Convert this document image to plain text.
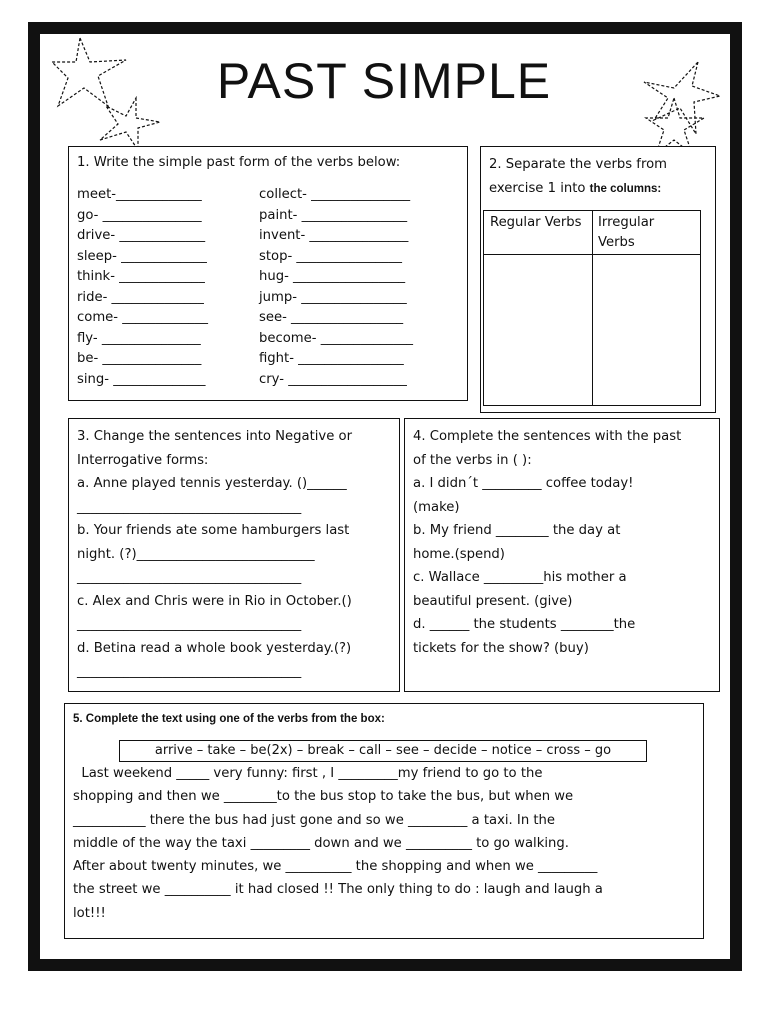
PAST SIMPLE

1. Write the simple past form of the verbs below:

meet-_____________
go- _______________
drive- _____________
sleep- _____________
think- _____________
ride- ______________
come- _____________
fly- _______________
be- _______________
sing- ______________
collect- _______________
paint- ________________
invent- _______________
stop- ________________
hug- _________________
jump- ________________
see- _________________
become- ______________
fight- ________________
cry- __________________

2. Separate the verbs from exercise 1 into the columns:

Regular Verbs	Irregular Verbs
3. Change the sentences into Negative or
Interrogative forms:
a. Anne played tennis yesterday. ()______
__________________________________
b. Your friends ate some hamburgers last
night. (?)___________________________
__________________________________
c. Alex and Chris were in Rio in October.()
__________________________________
d. Betina read a whole book yesterday.(?)
__________________________________
4. Complete the sentences with the past
of the verbs in ( ):
a. I didn´t _________ coffee today!
(make)
b. My friend ________ the day at
home.(spend)
c. Wallace _________his mother a
beautiful present. (give)
d. ______ the students ________the
tickets for the show? (buy)

5. Complete the text using one of the verbs from the box:

arrive – take – be(2x) – break – call – see – decide – notice – cross – go
Last weekend _____ very funny: first , I _________my friend to go to the
shopping and then we ________to the bus stop to take the bus, but when we
___________ there the bus had just gone and so we _________ a taxi. In the
middle of the way the taxi _________ down and we __________ to go walking.
After about twenty minutes, we __________ the shopping and when we _________
the street we __________ it had closed !! The only thing to do : laugh and laugh a
lot!!!
